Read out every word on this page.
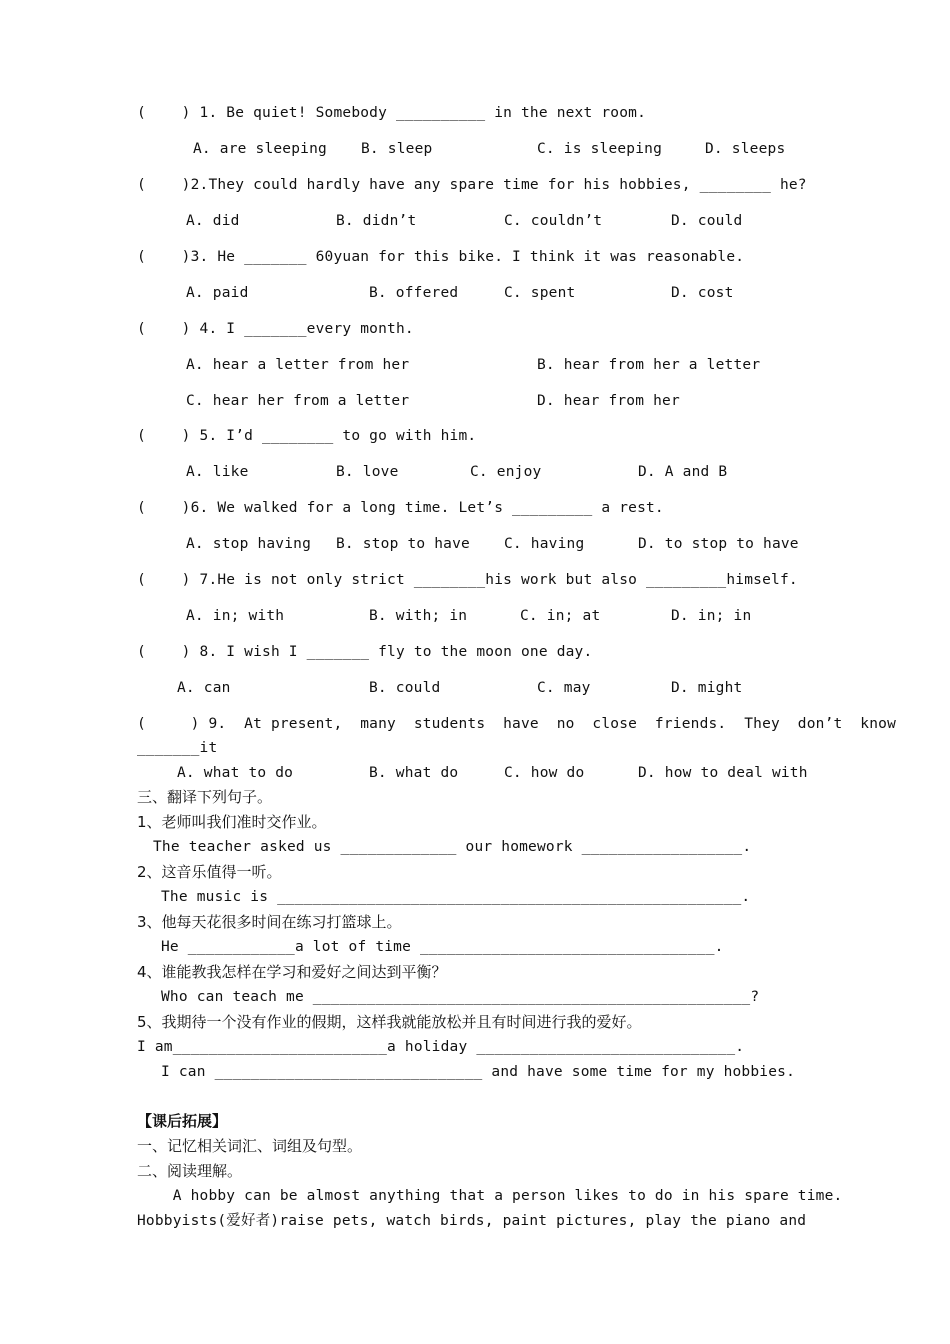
(    ) 1. Be quiet! Somebody __________ in the next room.
A. are sleeping B. sleep	C. is sleeping	D. sleeps
(    )2.They could hardly have any spare time for his hobbies, ________ he?
A. did	B. didn’t	C. couldn’t	D. could
(    )3. He _______ 60yuan for this bike. I think it was reasonable.
A. paid	B. offered	C. spent	D. cost
(    ) 4. I _______every month.
A. hear a letter from her	B. hear from her a letter
C. hear her from a letter	D. hear from her
(    ) 5. I’d ________ to go with him.
A. like	B. love	C. enjoy	D. A and B
(    )6. We walked for a long time. Let’s _________ a rest.
A. stop having B. stop to have C. having	D. to stop to have
(    ) 7.He is not only strict ________his work but also _________himself.
A. in; with	B. with; in	C. in; at	D. in; in
(    ) 8. I wish I _______ fly to the moon one day.
A. can	B. could	C. may	D. might
(     ) 9.  At present,  many  students  have  no  close  friends.  They  don’t  know
_______it
A. what to do	B. what do	C. how do	D. how to deal with
三、翻译下列句子。
1、老师叫我们准时交作业。
The teacher asked us _____________ our homework __________________.
2、这音乐值得一听。
The music is ____________________________________________________.
3、他每天花很多时间在练习打篮球上。
He ____________a lot of time _________________________________.
4、谁能教我怎样在学习和爱好之间达到平衡？
Who can teach me _________________________________________________?
5、我期待一个没有作业的假期，这样我就能放松并且有时间进行我的爱好。
I am________________________a holiday _____________________________.
I can ______________________________ and have some time for my hobbies.
【课后拓展】
一、记忆相关词汇、词组及句型。
二、阅读理解。
A hobby can be almost anything that a person likes to do in his spare time.
Hobbyists(爱好者)raise pets, watch birds, paint pictures, play the piano and
